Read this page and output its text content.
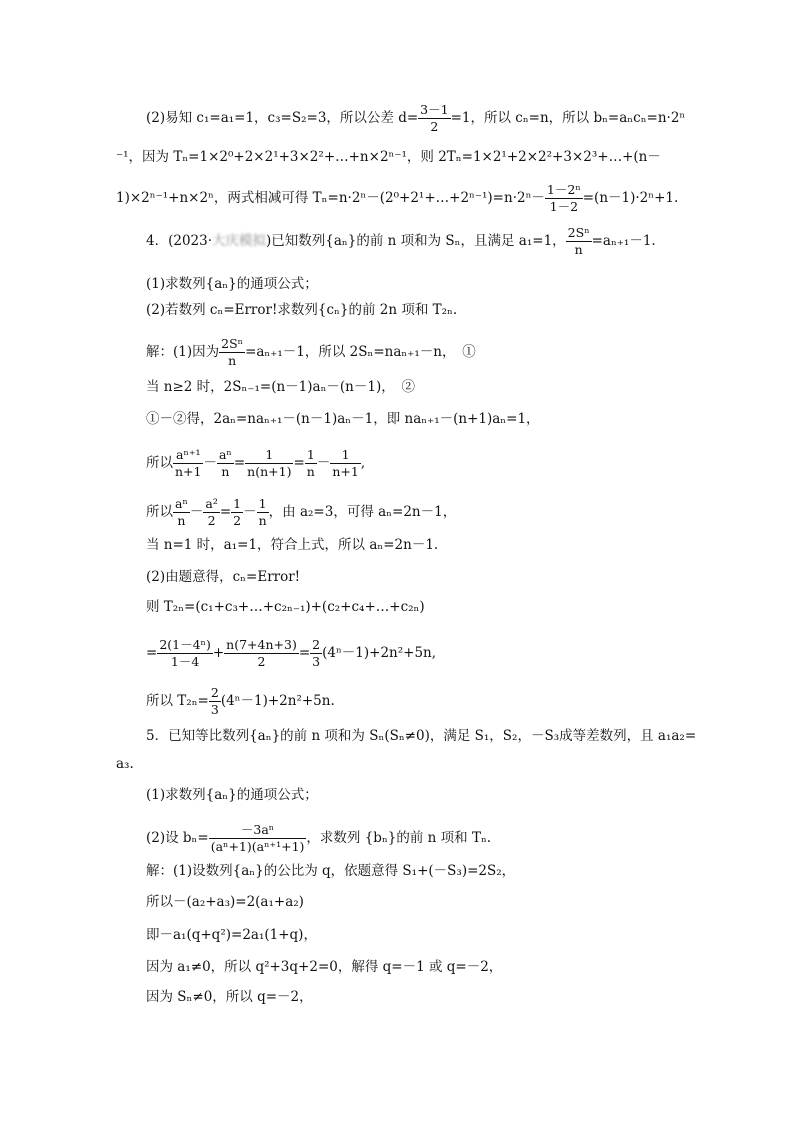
(2)易知 c₁=a₁=1，c₃=S₂=3，所以公差 $d= \frac{3-1}{2} =1$，所以 cₙ=n，所以 bₙ=aₙcₙ=n·2ⁿ
⁻¹，因为 Tₙ=1×2⁰+2×2¹+3×2²+…+n×2ⁿ⁻¹，则 2Tₙ=1×2¹+2×2²+3×2³+…+(n－
1)×2ⁿ⁻¹+n×2ⁿ，两式相减可得 Tₙ=n·2ⁿ－(2⁰+2¹+…+2ⁿ⁻¹)=n·2ⁿ－ $\frac{\text{1－2ⁿ}}{1-2} =(n-1)\cdot 2^n+1$.
4．(2023·大庆模拟)已知数列{aₙ}的前 n 项和为 Sₙ，且满足 a₁=1， $\frac{\text{2Sⁿ}}{n} =a_{n+1}-1$.
(1)求数列{aₙ}的通项公式；
(2)若数列 cₙ=Error!求数列{cₙ}的前 2n 项和 T₂ₙ.
解：(1)因为 $\frac{\text{2Sⁿ}}{n} =a_{n+1}-1$，所以 2Sₙ=naₙ₊₁－n，　①
当 n≥2 时，2Sₙ₋₁=(n－1)aₙ－(n－1)，　②
①－②得，2aₙ=naₙ₊₁－(n－1)aₙ－1，即 naₙ₊₁－(n+1)aₙ=1，
所以 $\frac{\text{aⁿ⁺¹}}{n+1} - \frac{\text{aⁿ}}{n} = \frac{1}{n(n+1)} = \frac{1}{n} - \frac{1}{n+1}$ ,
所以 $\frac{\text{aⁿ}}{n} - \frac{\text{a²}}{2} = \frac{1}{2} - \frac{1}{n}$ ，由 a₂=3，可得 aₙ=2n－1，
当 n=1 时，a₁=1，符合上式，所以 aₙ=2n－1.
(2)由题意得，cₙ=Error!
则 T₂ₙ=(c₁+c₃+…+c₂ₙ₋₁)+(c₂+c₄+…+c₂ₙ)
= $\frac{\text{2(1－4ⁿ)}}{1-4} + \frac{n(7+4n+3)}{2} = \frac{2}{3} (4^n-1)+2n^2+5n$,
所以 $T_{2n}= \frac{2}{3} (4^n-1)+2n^2+5n$.
5．已知等比数列{aₙ}的前 n 项和为 Sₙ(Sₙ≠0)，满足 S₁，S₂，－S₃成等差数列，且 a₁a₂=
a₃.
(1)求数列{aₙ}的通项公式；
(2)设 $b_n= \frac{\text{－3aⁿ}}{\text{(aⁿ+1)(aⁿ⁺¹+1)}}$ ，求数列 {bₙ}的前 n 项和 Tₙ.
解：(1)设数列{aₙ}的公比为 q，依题意得 S₁+(－S₃)=2S₂，
所以－(a₂+a₃)=2(a₁+a₂)
即－a₁(q+q²)=2a₁(1+q)，
因为 a₁≠0，所以 q²+3q+2=0，解得 q=－1 或 q=－2，
因为 Sₙ≠0，所以 q=－2，
